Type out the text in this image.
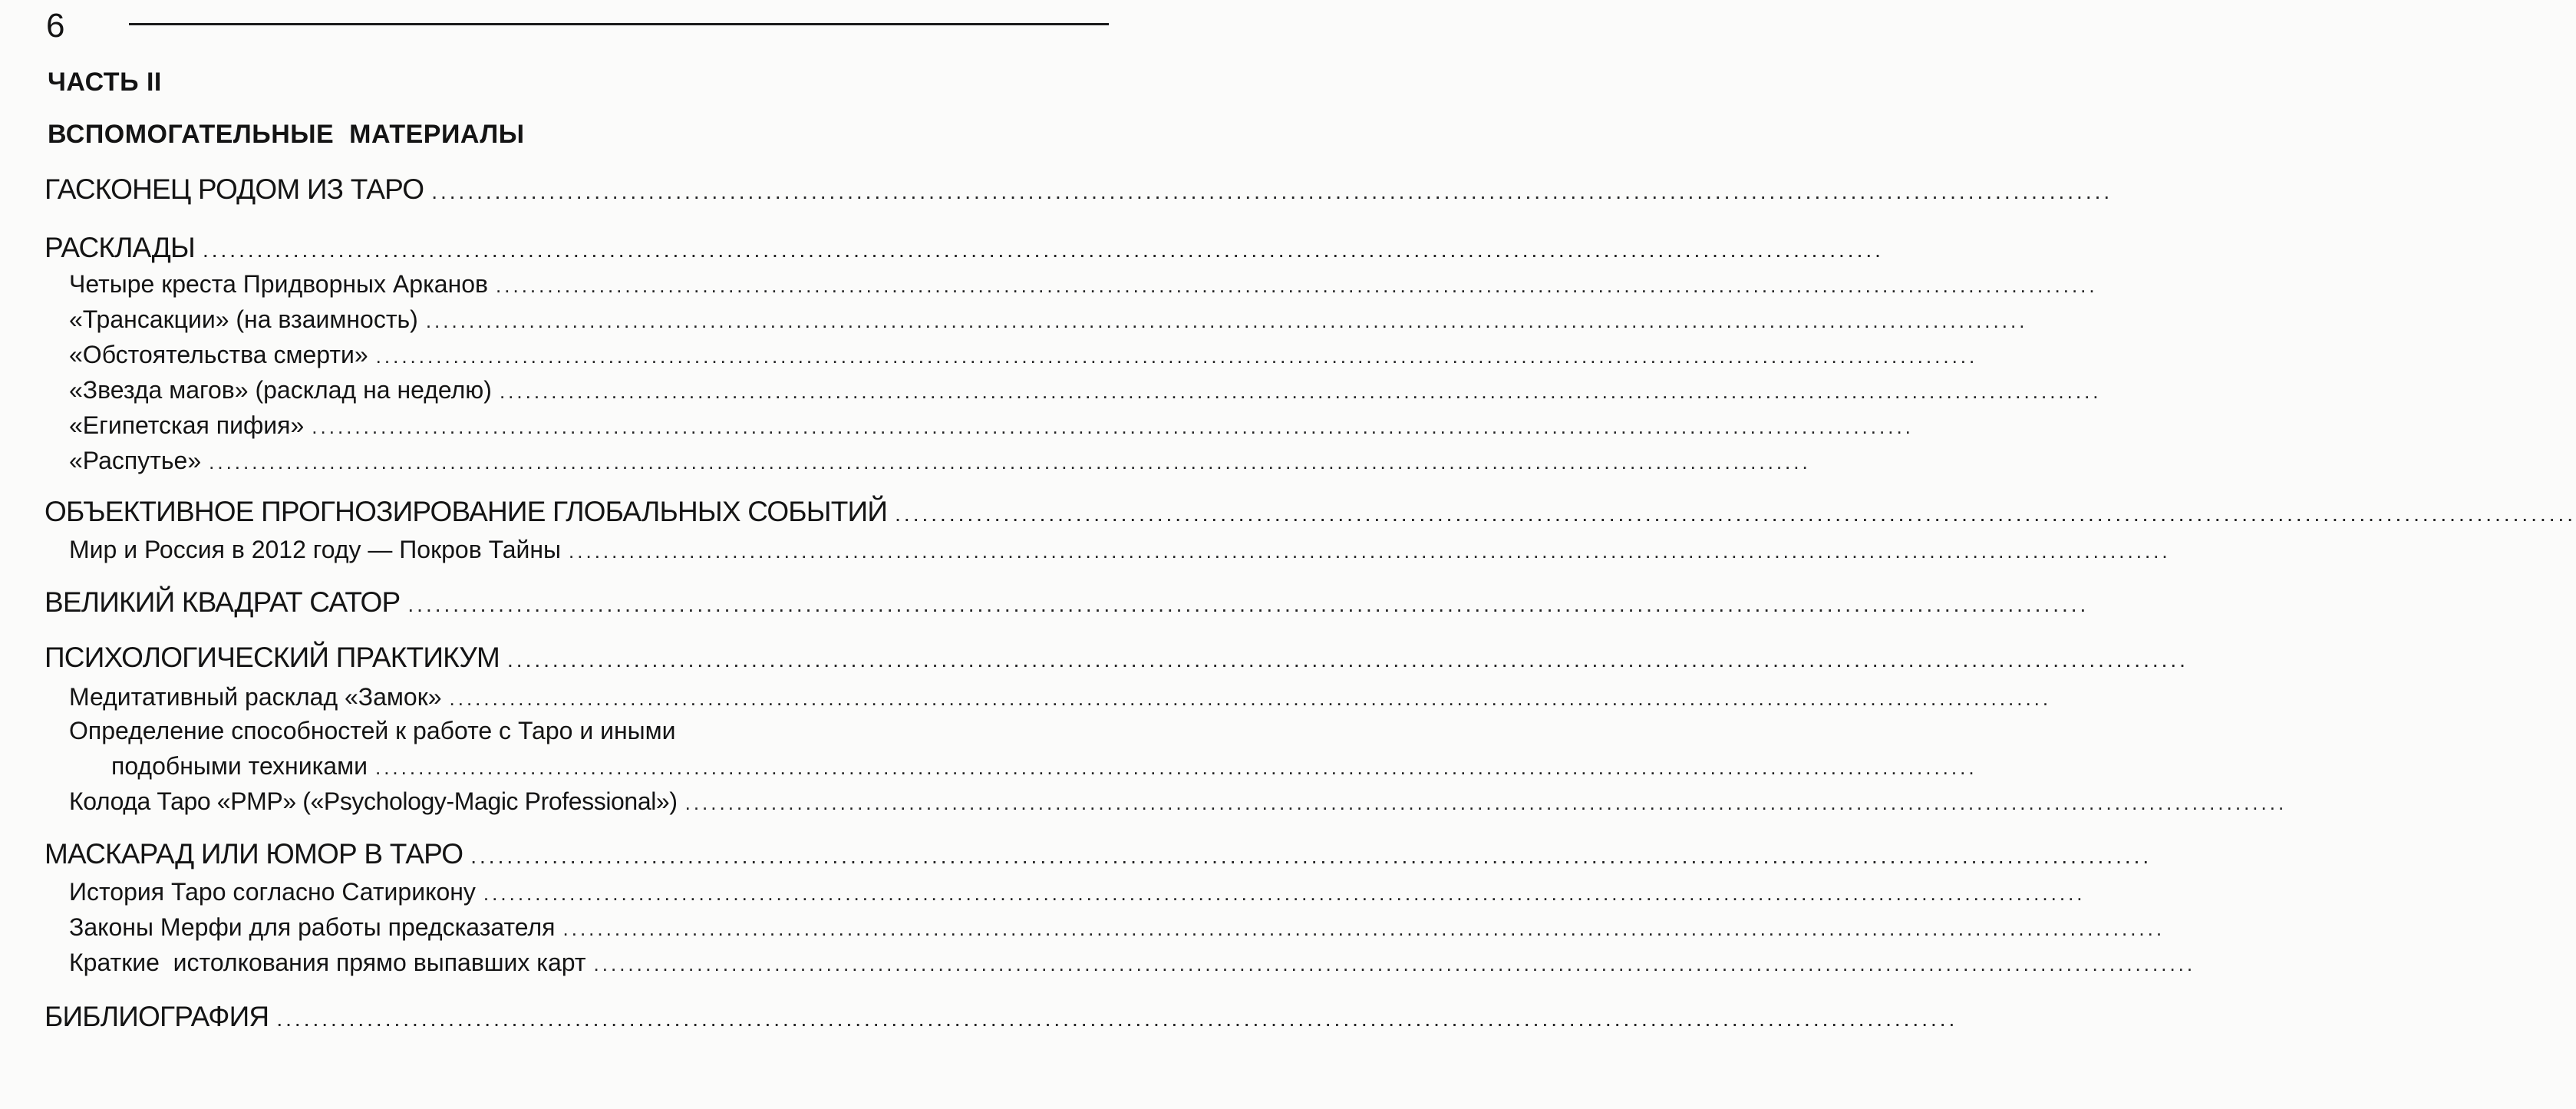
6
ЧАСТЬ II
ВСПОМОГАТЕЛЬНЫЕ МАТЕРИАЛЫ
ГАСКОНЕЦ РОДОМ ИЗ ТАРО ..........................................................................................................................................................................................
РАСКЛАДЫ ..........................................................................................................................................................................................
Четыре креста Придворных Арканов ..........................................................................................................................................................................................
«Трансакции» (на взаимность) ..........................................................................................................................................................................................
«Обстоятельства смерти» ..........................................................................................................................................................................................
«Звезда магов» (расклад на неделю) ..........................................................................................................................................................................................
«Египетская пифия» ..........................................................................................................................................................................................
«Распутье» ..........................................................................................................................................................................................
ОБЪЕКТИВНОЕ ПРОГНОЗИРОВАНИЕ ГЛОБАЛЬНЫХ СОБЫТИЙ ..........................................................................................................................................................................................
Мир и Россия в 2012 году — Покров Тайны ..........................................................................................................................................................................................
ВЕЛИКИЙ КВАДРАТ САТОР ..........................................................................................................................................................................................
ПСИХОЛОГИЧЕСКИЙ ПРАКТИКУМ ..........................................................................................................................................................................................
Медитативный расклад «Замок» ..........................................................................................................................................................................................
Определение способностей к работе с Таро и иными
подобными техниками ..........................................................................................................................................................................................
Колода Таро «PMP» («Psychology-Magic Professional») ..........................................................................................................................................................................................
МАСКАРАД ИЛИ ЮМОР В ТАРО ..........................................................................................................................................................................................
История Таро согласно Сатирикону ..........................................................................................................................................................................................
Законы Мерфи для работы предсказателя ..........................................................................................................................................................................................
Краткие  истолкования прямо выпавших карт ..........................................................................................................................................................................................
БИБЛИОГРАФИЯ ..........................................................................................................................................................................................
